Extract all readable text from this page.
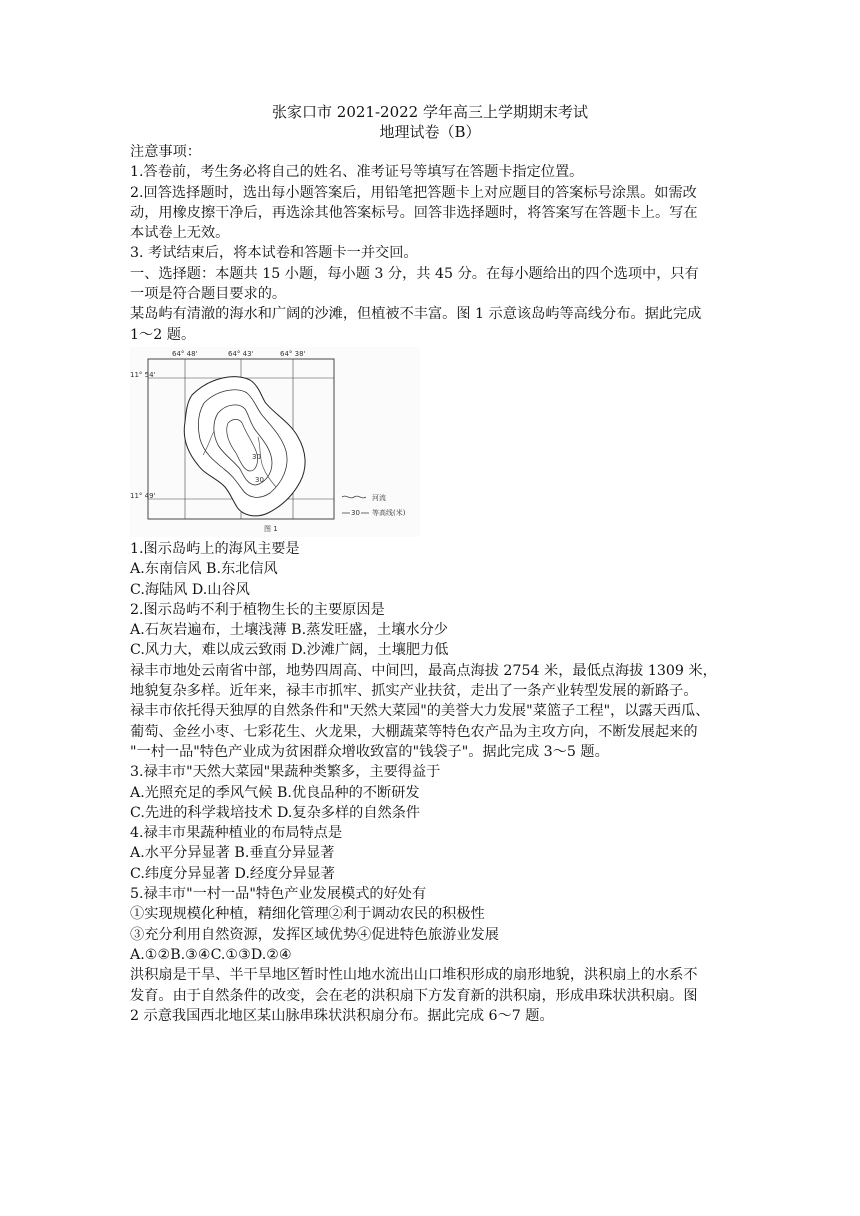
张家口市 2021-2022 学年高三上学期期末考试

地理试卷（B）

注意事项：

1.答卷前，考生务必将自己的姓名、准考证号等填写在答题卡指定位置。

2.回答选择题时，选出每小题答案后，用铅笔把答题卡上对应题目的答案标号涂黑。如需改

动，用橡皮擦干净后，再选涂其他答案标号。回答非选择题时，将答案写在答题卡上。写在

本试卷上无效。

3. 考试结束后，将本试卷和答题卡一并交回。

一、选择题：本题共 15 小题，每小题 3 分，共 45 分。在每小题给出的四个选项中，只有

一项是符合题目要求的。

某岛屿有清澈的海水和广阔的沙滩，但植被不丰富。图 1 示意该岛屿等高线分布。据此完成

1～2 题。

30
30
64° 48'	64° 43'	64° 38'
11° 54'
11° 49'	河流
30 等高线(米)
图 1

1.图示岛屿上的海风主要是

A.东南信风 B.东北信风

C.海陆风 D.山谷风

2.图示岛屿不利于植物生长的主要原因是

A.石灰岩遍布，土壤浅薄 B.蒸发旺盛，土壤水分少

C.风力大，难以成云致雨 D.沙滩广阔，土壤肥力低

禄丰市地处云南省中部，地势四周高、中间凹，最高点海拔 2754 米，最低点海拔 1309 米，

地貌复杂多样。近年来，禄丰市抓牢、抓实产业扶贫，走出了一条产业转型发展的新路子。

禄丰市依托得天独厚的自然条件和"天然大菜园"的美誉大力发展"菜篮子工程"，以露天西瓜、

葡萄、金丝小枣、七彩花生、火龙果，大棚蔬菜等特色农产品为主攻方向，不断发展起来的

"一村一品"特色产业成为贫困群众增收致富的"钱袋子"。据此完成 3～5 题。

3.禄丰市"天然大菜园"果蔬种类繁多，主要得益于

A.光照充足的季风气候 B.优良品种的不断研发

C.先进的科学栽培技术 D.复杂多样的自然条件

4.禄丰市果蔬种植业的布局特点是

A.水平分异显著 B.垂直分异显著

C.纬度分异显著 D.经度分异显著

5.禄丰市"一村一品"特色产业发展模式的好处有

①实现规模化种植，精细化管理②利于调动农民的积极性

③充分利用自然资源，发挥区域优势④促进特色旅游业发展

A.①②B.③④C.①③D.②④

洪积扇是干旱、半干旱地区暂时性山地水流出山口堆积形成的扇形地貌，洪积扇上的水系不

发育。由于自然条件的改变，会在老的洪积扇下方发育新的洪积扇，形成串珠状洪积扇。图

2 示意我国西北地区某山脉串珠状洪积扇分布。据此完成 6～7 题。
